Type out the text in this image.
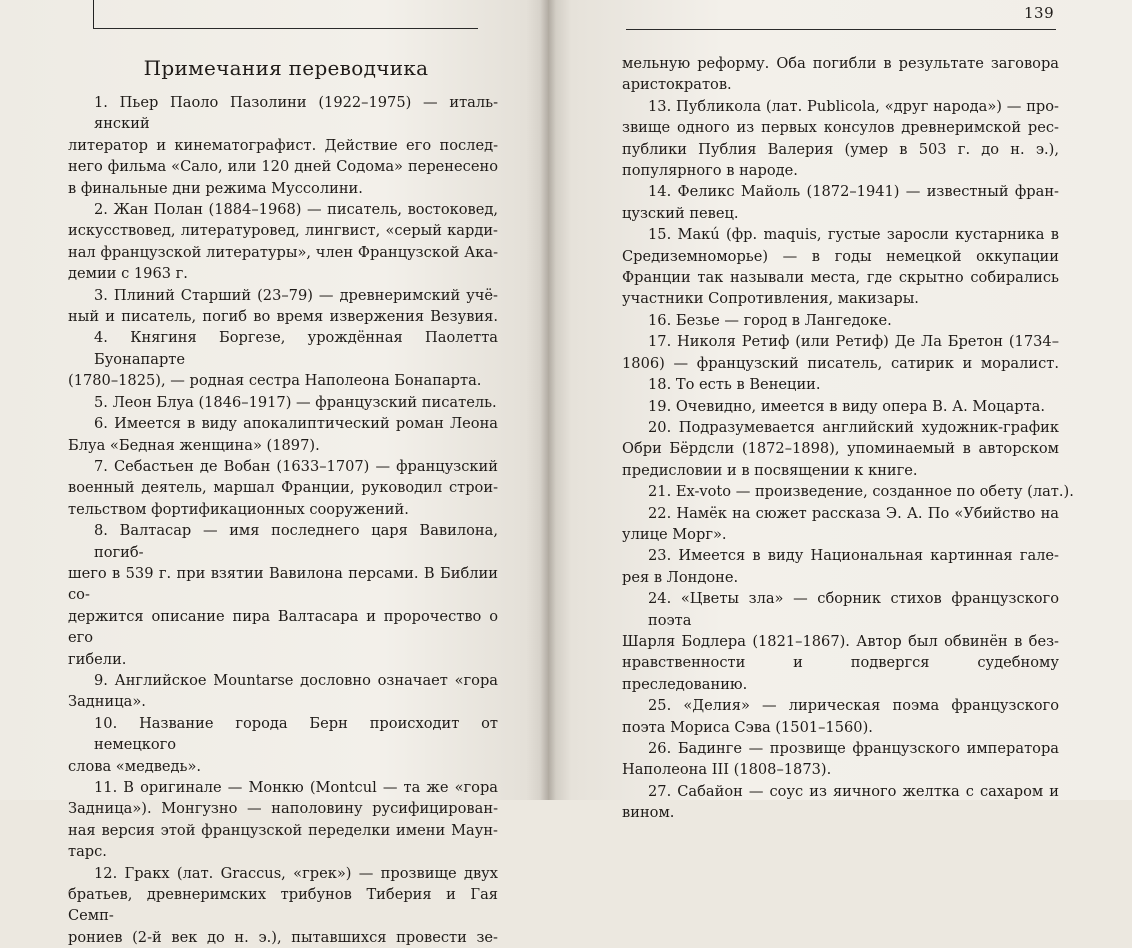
139
Примечания переводчика
1. Пьер Паоло Пазолини (1922–1975) — итальянский
литератор и кинематографист. Действие его послед-
него фильма «Сало, или 120 дней Содома» перенесено
в финальные дни режима Муссолини.
2. Жан Полан (1884–1968) — писатель, востоковед,
искусствовед, литературовед, лингвист, «серый карди-
нал французской литературы», член Французской Ака-
демии с 1963 г.
3. Плиний Старший (23–79) — древнеримский учё-
ный и писатель, погиб во время извержения Везувия.
4. Княгиня Боргезе, урождённая Паолетта Буонапарте
(1780–1825), — родная сестра Наполеона Бонапарта.
5. Леон Блуа (1846–1917) — французский писатель.
6. Имеется в виду апокалиптический роман Леона
Блуа «Бедная женщина» (1897).
7. Себастьен де Вобан (1633–1707) — французский
военный деятель, маршал Франции, руководил строи-
тельством фортификационных сооружений.
8. Валтасар — имя последнего царя Вавилона, погиб-
шего в 539 г. при взятии Вавилона персами. В Библии со-
держится описание пира Валтасара и пророчество о его
гибели.
9. Английское Mountarse дословно означает «гора
Задница».
10. Название города Берн происходит от немецкого
слова «медведь».
11. В оригинале — Монкю (Montcul — та же «гора
Задница»). Монгузно — наполовину русифицирован-
ная версия этой французской переделки имени Маун-
тарс.
12. Гракх (лат. Graccus, «грек») — прозвище двух
братьев, древнеримских трибунов Тиберия и Гая Семп-
рониев (2-й век до н. э.), пытавшихся провести зе-
мельную реформу. Оба погибли в результате заговора
аристократов.
13. Публикола (лат. Publicola, «друг народа») — про-
звище одного из первых консулов древнеримской рес-
публики Публия Валерия (умер в 503 г. до н. э.),
популярного в народе.
14. Феликс Майоль (1872–1941) — известный фран-
цузский певец.
15. Макú (фр. maquis, густые заросли кустарника в
Средиземноморье) — в годы немецкой оккупации
Франции так называли места, где скрытно собирались
участники Сопротивления, макизары.
16. Безье — город в Лангедоке.
17. Николя Ретиф (или Ретиф) Де Ла Бретон (1734–
1806) — французский писатель, сатирик и моралист.
18. То есть в Венеции.
19. Очевидно, имеется в виду опера В. А. Моцарта.
20. Подразумевается английский художник-график
Обри Бёрдсли (1872–1898), упоминаемый в авторском
предисловии и в посвящении к книге.
21. Ex-voto — произведение, созданное по обету (лат.).
22. Намёк на сюжет рассказа Э. А. По «Убийство на
улице Морг».
23. Имеется в виду Национальная картинная гале-
рея в Лондоне.
24. «Цветы зла» — сборник стихов французского поэта
Шарля Бодлера (1821–1867). Автор был обвинён в без-
нравственности и подвергся судебному преследованию.
25. «Делия» — лирическая поэма французского
поэта Мориса Сэва (1501–1560).
26. Бадинге — прозвище французского императора
Наполеона III (1808–1873).
27. Сабайон — соус из яичного желтка с сахаром и
вином.
